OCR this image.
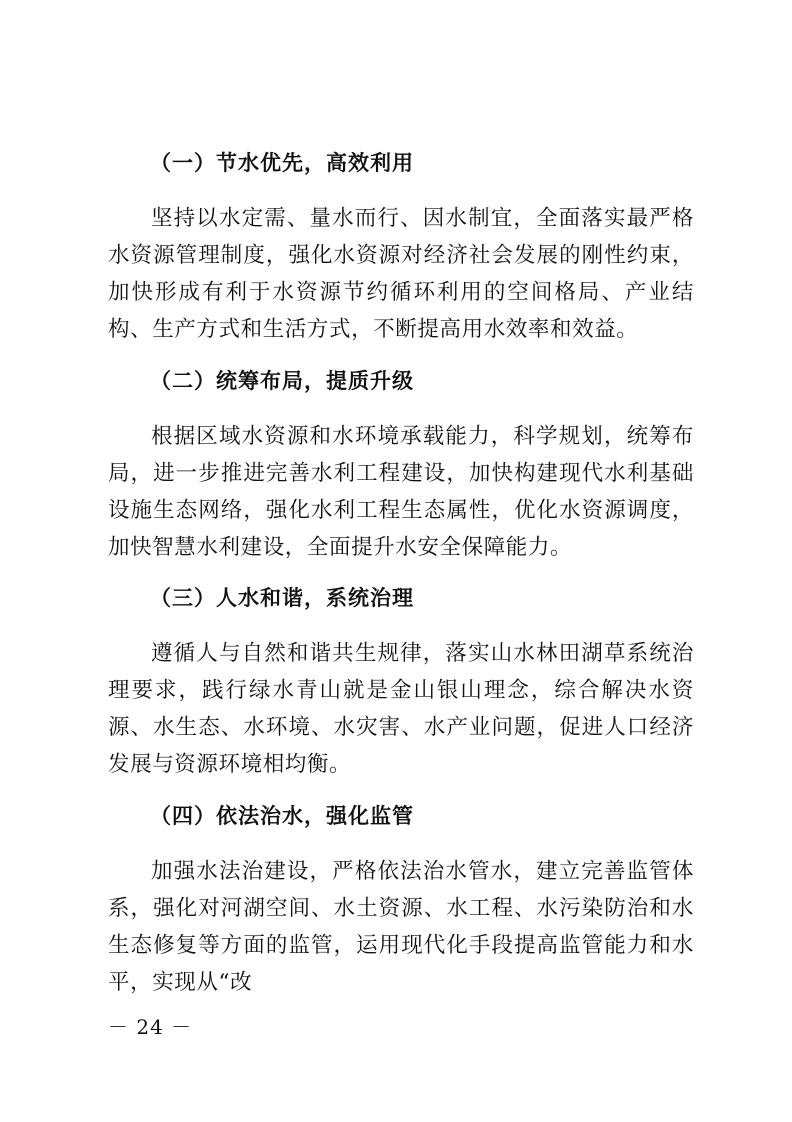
（一）节水优先，高效利用
坚持以水定需、量水而行、因水制宜，全面落实最严格水资源管理制度，强化水资源对经济社会发展的刚性约束，加快形成有利于水资源节约循环利用的空间格局、产业结构、生产方式和生活方式，不断提高用水效率和效益。
（二）统筹布局，提质升级
根据区域水资源和水环境承载能力，科学规划，统筹布局，进一步推进完善水利工程建设，加快构建现代水利基础设施生态网络，强化水利工程生态属性，优化水资源调度，加快智慧水利建设，全面提升水安全保障能力。
（三）人水和谐，系统治理
遵循人与自然和谐共生规律，落实山水林田湖草系统治理要求，践行绿水青山就是金山银山理念，综合解决水资源、水生态、水环境、水灾害、水产业问题，促进人口经济发展与资源环境相均衡。
（四）依法治水，强化监管
加强水法治建设，严格依法治水管水，建立完善监管体系，强化对河湖空间、水土资源、水工程、水污染防治和水生态修复等方面的监管，运用现代化手段提高监管能力和水平，实现从“改
－ 24 －
